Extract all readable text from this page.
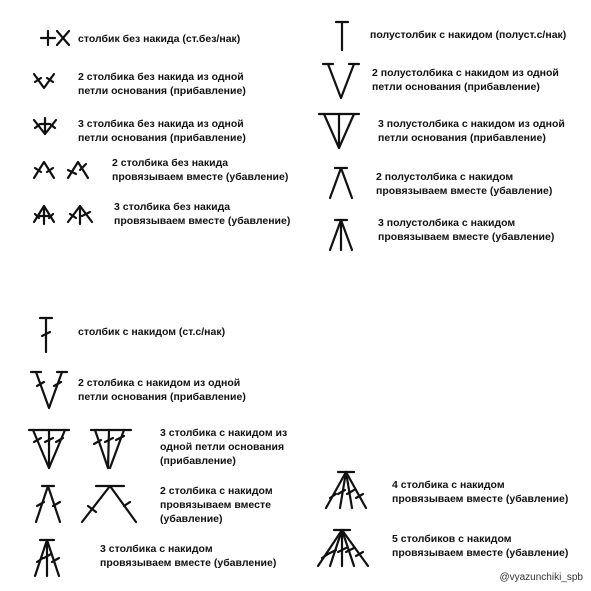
столбик без накида (ст.без/нак)
2 столбика без накида из одной
петли основания (прибавление)
3 столбика без накида из одной
петли основания (прибавление)
2 столбика без накида
провязываем вместе (убавление)
3 столбика без накида
провязываем вместе (убавление)
полустолбик с накидом (полуст.с/нак)
2 полустолбика с накидом из одной
петли основания (прибавление)
3 полустолбика с накидом из одной
петли основания (прибавление)
2 полустолбика с накидом
провязываем вместе (убавление)
3 полустолбика с накидом
провязываем вместе (убавление)
столбик с накидом (ст.с/нак)
2 столбика с накидом из одной
петли основания (прибавление)
3 столбика с накидом из
одной петли основания
(прибавление)
2 столбика с накидом
провязываем вместе
(убавление)
3 столбика с накидом
провязываем вместе (убавление)
4 столбика с накидом
провязываем вместе (убавление)
5 столбиков с накидом
провязываем вместе (убавление)
@vyazunchiki_spb
